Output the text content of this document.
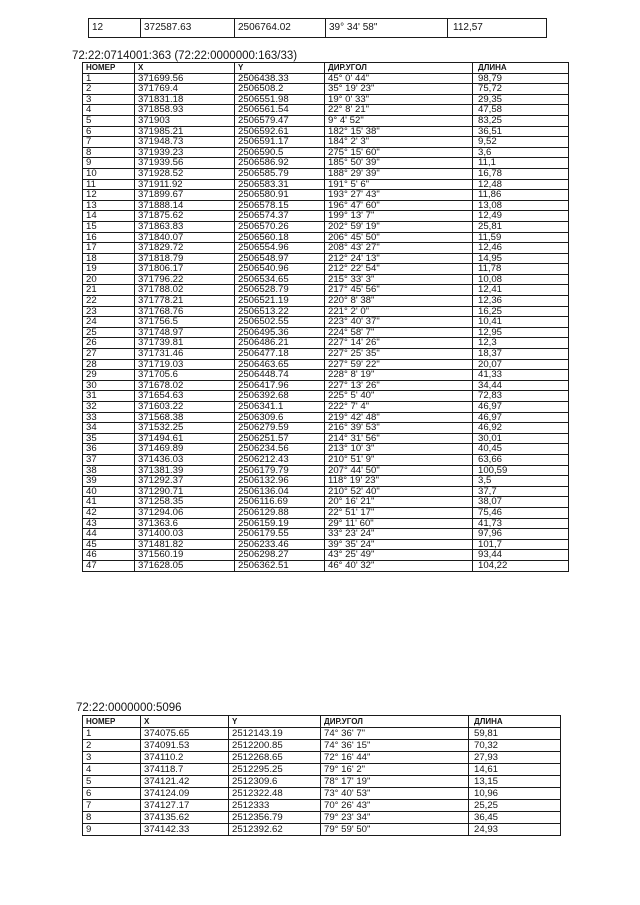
12	372587.63	2506764.02	39° 34' 58"	112,57
72:22:0714001:363 (72:22:0000000:163/33)
НОМЕР	X	Y	ДИР.УГОЛ	ДЛИНА
1	371699.56	2506438.33	45° 0' 44"	98,79
2	371769.4	2506508.2	35° 19' 23"	75,72
3	371831.18	2506551.98	19° 0' 33"	29,35
4	371858.93	2506561.54	22° 8' 21"	47,58
5	371903	2506579.47	9° 4' 52"	83,25
6	371985.21	2506592.61	182° 15' 38"	36,51
7	371948.73	2506591.17	184° 2' 3"	9,52
8	371939.23	2506590.5	275° 15' 60"	3,6
9	371939.56	2506586.92	185° 50' 39"	11,1
10	371928.52	2506585.79	188° 29' 39"	16,78
11	371911.92	2506583.31	191° 5' 6"	12,48
12	371899.67	2506580.91	193° 27' 43"	11,86
13	371888.14	2506578.15	196° 47' 60"	13,08
14	371875.62	2506574.37	199° 13' 7"	12,49
15	371863.83	2506570.26	202° 59' 19"	25,81
16	371840.07	2506560.18	206° 45' 50"	11,59
17	371829.72	2506554.96	208° 43' 27"	12,46
18	371818.79	2506548.97	212° 24' 13"	14,95
19	371806.17	2506540.96	212° 22' 54"	11,78
20	371796.22	2506534.65	215° 33' 3"	10,08
21	371788.02	2506528.79	217° 45' 56"	12,41
22	371778.21	2506521.19	220° 8' 38"	12,36
23	371768.76	2506513.22	221° 2' 0"	16,25
24	371756.5	2506502.55	223° 40' 37"	10,41
25	371748.97	2506495.36	224° 58' 7"	12,95
26	371739.81	2506486.21	227° 14' 26"	12,3
27	371731.46	2506477.18	227° 25' 35"	18,37
28	371719.03	2506463.65	227° 59' 22"	20,07
29	371705.6	2506448.74	228° 8' 19"	41,33
30	371678.02	2506417.96	227° 13' 26"	34,44
31	371654.63	2506392.68	225° 5' 40"	72,83
32	371603.22	2506341.1	222° 7' 4"	46,97
33	371568.38	2506309.6	219° 42' 48"	46,97
34	371532.25	2506279.59	216° 39' 53"	46,92
35	371494.61	2506251.57	214° 31' 56"	30,01
36	371469.89	2506234.56	213° 10' 3"	40,45
37	371436.03	2506212.43	210° 51' 9"	63,66
38	371381.39	2506179.79	207° 44' 50"	100,59
39	371292.37	2506132.96	118° 19' 23"	3,5
40	371290.71	2506136.04	210° 52' 40"	37,7
41	371258.35	2506116.69	20° 16' 21"	38,07
42	371294.06	2506129.88	22° 51' 17"	75,46
43	371363.6	2506159.19	29° 11' 60"	41,73
44	371400.03	2506179.55	33° 23' 24"	97,96
45	371481.82	2506233.46	39° 35' 24"	101,7
46	371560.19	2506298.27	43° 25' 49"	93,44
47	371628.05	2506362.51	46° 40' 32"	104,22
72:22:0000000:5096
НОМЕР	X	Y	ДИР.УГОЛ	ДЛИНА
1	374075.65	2512143.19	74° 36' 7"	59,81
2	374091.53	2512200.85	74° 36' 15"	70,32
3	374110.2	2512268.65	72° 16' 44"	27,93
4	374118.7	2512295.25	79° 16' 2"	14,61
5	374121.42	2512309.6	78° 17' 19"	13,15
6	374124.09	2512322.48	73° 40' 53"	10,96
7	374127.17	2512333	70° 26' 43"	25,25
8	374135.62	2512356.79	79° 23' 34"	36,45
9	374142.33	2512392.62	79° 59' 50"	24,93
